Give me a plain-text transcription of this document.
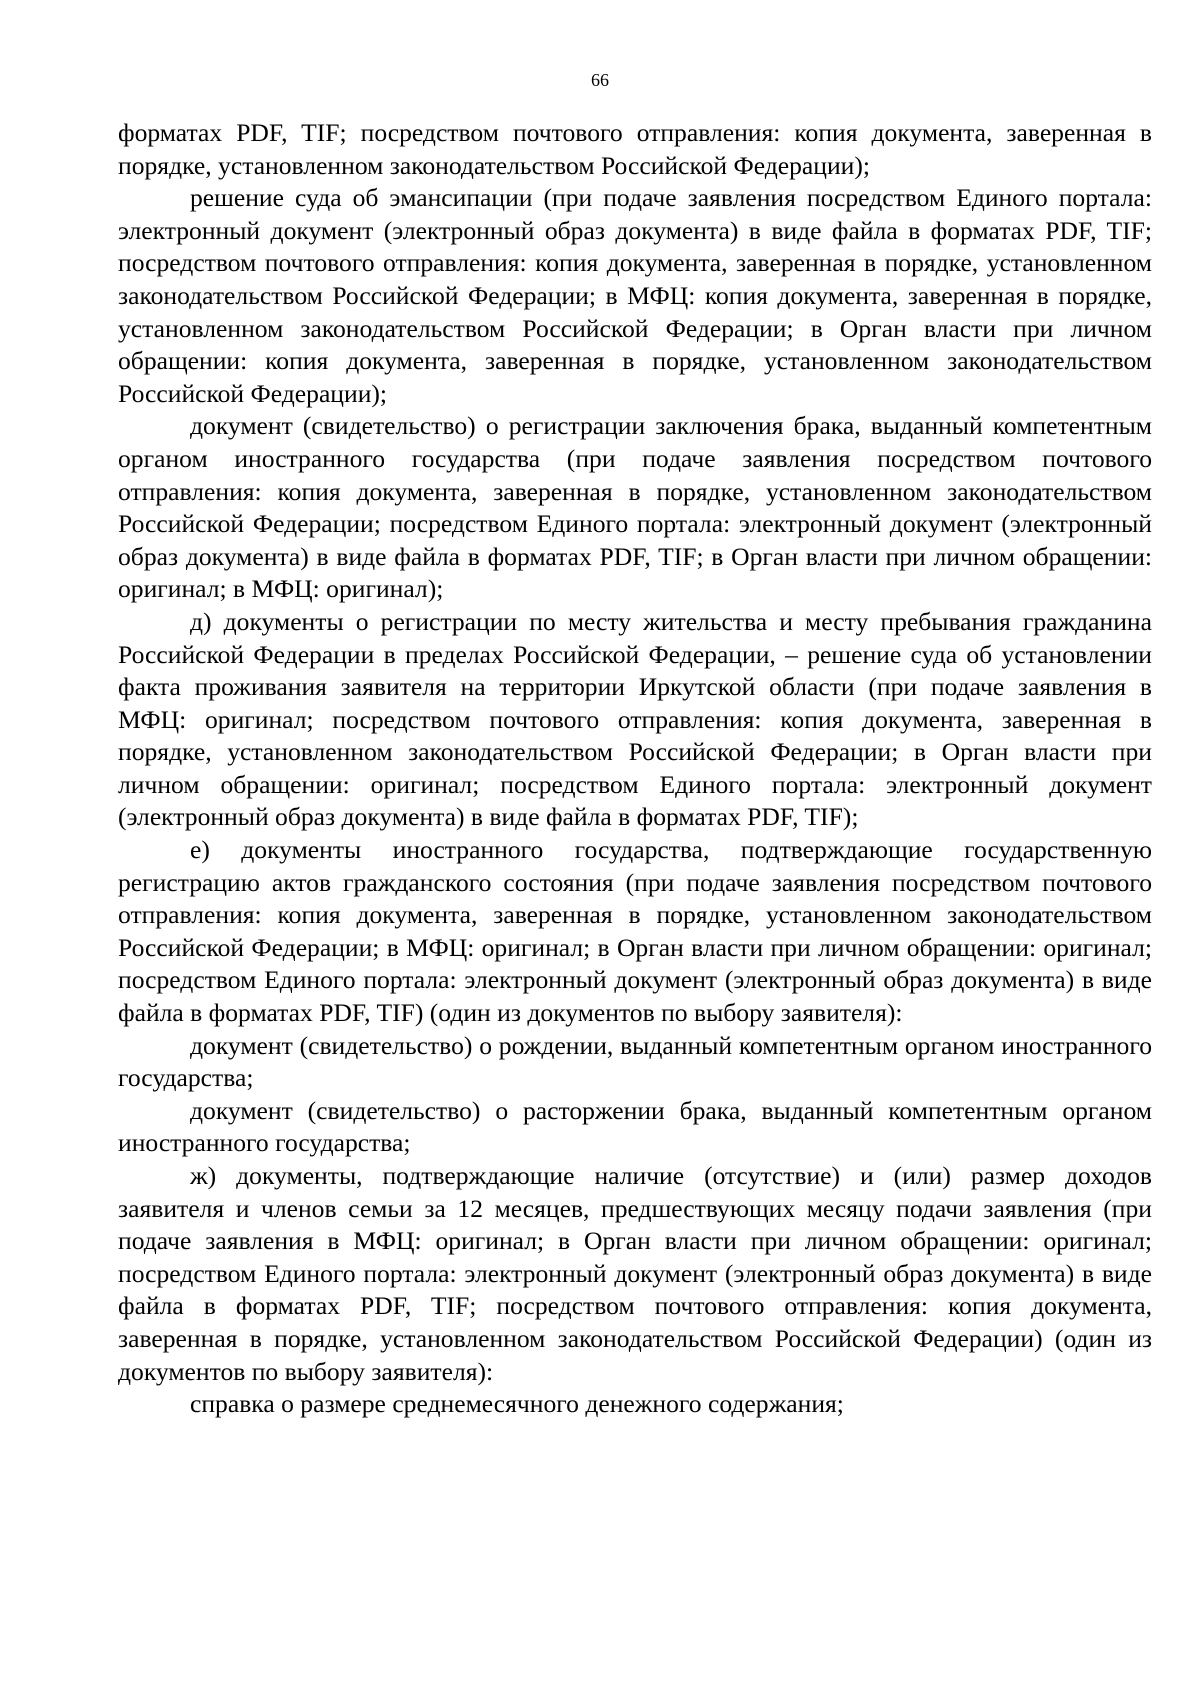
66

форматах PDF, TIF; посредством почтового отправления: копия документа, заверенная в порядке, установленном законодательством Российской Федерации);

решение суда об эмансипации (при подаче заявления посредством Единого портала: электронный документ (электронный образ документа) в виде файла в форматах PDF, TIF; посредством почтового отправления: копия документа, заверенная в порядке, установленном законодательством Российской Федерации; в МФЦ: копия документа, заверенная в порядке, установленном законодательством Российской Федерации; в Орган власти при личном обращении: копия документа, заверенная в порядке, установленном законодательством Российской Федерации);

документ (свидетельство) о регистрации заключения брака, выданный компетентным органом иностранного государства (при подаче заявления посредством почтового отправления: копия документа, заверенная в порядке, установленном законодательством Российской Федерации; посредством Единого портала: электронный документ (электронный образ документа) в виде файла в форматах PDF, TIF; в Орган власти при личном обращении: оригинал; в МФЦ: оригинал);

д) документы о регистрации по месту жительства и месту пребывания гражданина Российской Федерации в пределах Российской Федерации, – решение суда об установлении факта проживания заявителя на территории Иркутской области (при подаче заявления в МФЦ: оригинал; посредством почтового отправления: копия документа, заверенная в порядке, установленном законодательством Российской Федерации; в Орган власти при личном обращении: оригинал; посредством Единого портала: электронный документ (электронный образ документа) в виде файла в форматах PDF, TIF);

е) документы иностранного государства, подтверждающие государственную регистрацию актов гражданского состояния (при подаче заявления посредством почтового отправления: копия документа, заверенная в порядке, установленном законодательством Российской Федерации; в МФЦ: оригинал; в Орган власти при личном обращении: оригинал; посредством Единого портала: электронный документ (электронный образ документа) в виде файла в форматах PDF, TIF) (один из документов по выбору заявителя):

документ (свидетельство) о рождении, выданный компетентным органом иностранного государства;

документ (свидетельство) о расторжении брака, выданный компетентным органом иностранного государства;

ж) документы, подтверждающие наличие (отсутствие) и (или) размер доходов заявителя и членов семьи за 12 месяцев, предшествующих месяцу подачи заявления (при подаче заявления в МФЦ: оригинал; в Орган власти при личном обращении: оригинал; посредством Единого портала: электронный документ (электронный образ документа) в виде файла в форматах PDF, TIF; посредством почтового отправления: копия документа, заверенная в порядке, установленном законодательством Российской Федерации) (один из документов по выбору заявителя):

справка о размере среднемесячного денежного содержания;
